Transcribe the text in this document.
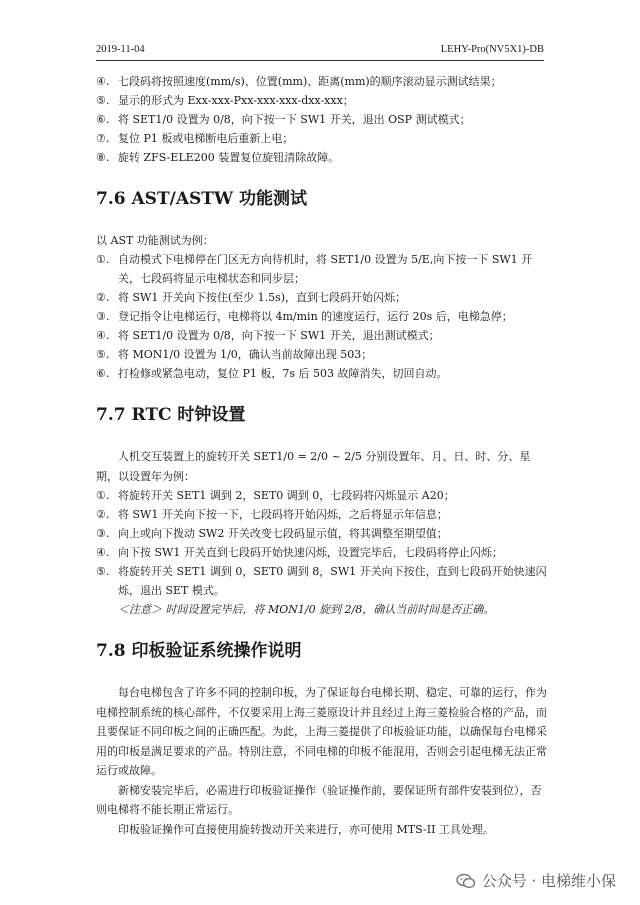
2019-11-04	LEHY-Pro(NV5X1)-DB
④. 七段码将按照速度(mm/s)、位置(mm)、距离(mm)的顺序滚动显示测试结果；
⑤. 显示的形式为 Exx-xxx-Pxx-xxx-xxx-dxx-xxx；
⑥. 将 SET1/0 设置为 0/8，向下按一下 SW1 开关，退出 OSP 测试模式；
⑦. 复位 P1 板或电梯断电后重新上电；
⑧. 旋转 ZFS-ELE200 装置复位旋钮清除故障。
7.6 AST/ASTW 功能测试
以 AST 功能测试为例：
①. 自动模式下电梯停在门区无方向待机时，将 SET1/0 设置为 5/E,向下按一下 SW1 开关，七段码将显示电梯状态和同步层；
②. 将 SW1 开关向下按住(至少 1.5s)，直到七段码开始闪烁；
③. 登记指令让电梯运行，电梯将以 4m/min 的速度运行，运行 20s 后，电梯急停；
④. 将 SET1/0 设置为 0/8，向下按一下 SW1 开关，退出测试模式；
⑤. 将 MON1/0 设置为 1/0，确认当前故障出现 503；
⑥. 打检修或紧急电动，复位 P1 板，7s 后 503 故障消失，切回自动。
7.7 RTC 时钟设置
人机交互装置上的旋转开关 SET1/0 = 2/0 ~ 2/5 分别设置年、月、日、时、分、星期，以设置年为例：
①. 将旋转开关 SET1 调到 2，SET0 调到 0，七段码将闪烁显示 A20；
②. 将 SW1 开关向下按一下，七段码将开始闪烁，之后将显示年信息；
③. 向上或向下拨动 SW2 开关改变七段码显示值，将其调整至期望值；
④. 向下按 SW1 开关直到七段码开始快速闪烁，设置完毕后，七段码将停止闪烁；
⑤. 将旋转开关 SET1 调到 0，SET0 调到 8，SW1 开关向下按住，直到七段码开始快速闪烁，退出 SET 模式。
＜注意＞ 时间设置完毕后，将 MON1/0 旋到 2/8，确认当前时间是否正确。
7.8 印板验证系统操作说明
每台电梯包含了许多不同的控制印板，为了保证每台电梯长期、稳定、可靠的运行，作为电梯控制系统的核心部件，不仅要采用上海三菱原设计并且经过上海三菱检验合格的产品，而且要保证不同印板之间的正确匹配。为此，上海三菱提供了印板验证功能，以确保每台电梯采用的印板是满足要求的产品。特别注意，不同电梯的印板不能混用，否则会引起电梯无法正常运行或故障。
新梯安装完毕后，必需进行印板验证操作（验证操作前，要保证所有部件安装到位），否则电梯将不能长期正常运行。
印板验证操作可直接使用旋转拨动开关来进行，亦可使用 MTS-II 工具处理。
公众号 · 电梯维小保
